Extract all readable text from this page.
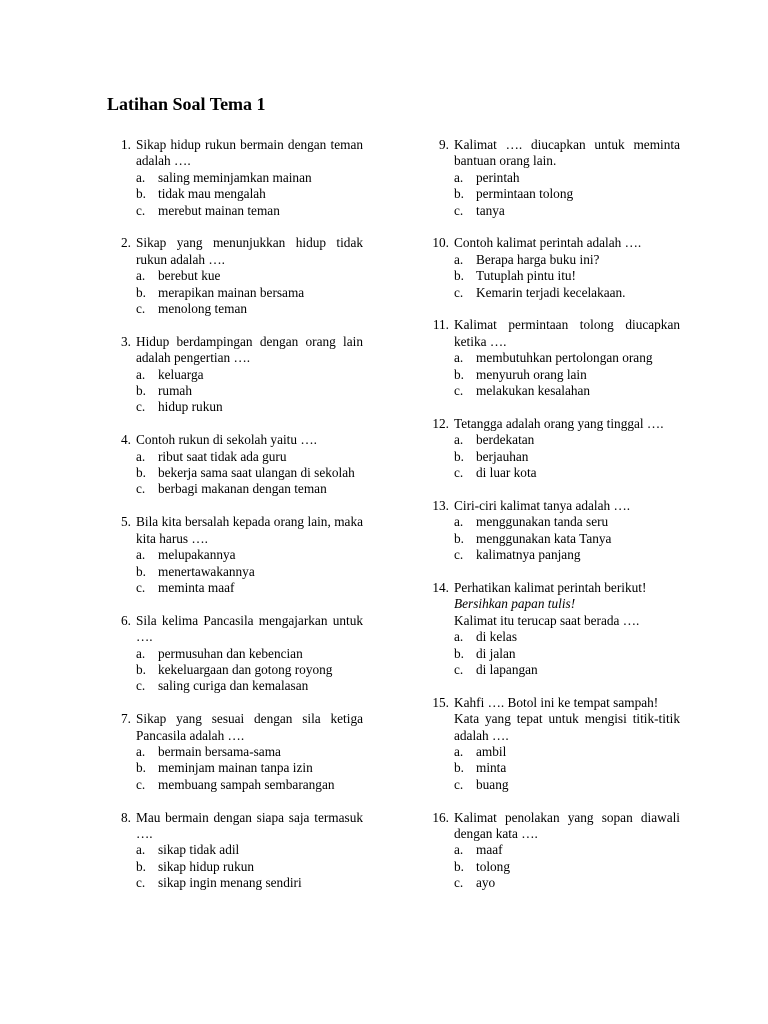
Latihan Soal Tema 1
1. Sikap hidup rukun bermain dengan teman adalah ….
a. saling meminjamkan mainan
b. tidak mau mengalah
c. merebut mainan teman
2. Sikap yang menunjukkan hidup tidak rukun adalah ….
a. berebut kue
b. merapikan mainan bersama
c. menolong teman
3. Hidup berdampingan dengan orang lain adalah pengertian ….
a. keluarga
b. rumah
c. hidup rukun
4. Contoh rukun di sekolah yaitu ….
a. ribut saat tidak ada guru
b. bekerja sama saat ulangan di sekolah
c. berbagi makanan dengan teman
5. Bila kita bersalah kepada orang lain, maka kita harus ….
a. melupakannya
b. menertawakannya
c. meminta maaf
6. Sila kelima Pancasila mengajarkan untuk ….
a. permusuhan dan kebencian
b. kekeluargaan dan gotong royong
c. saling curiga dan kemalasan
7. Sikap yang sesuai dengan sila ketiga Pancasila adalah ….
a. bermain bersama-sama
b. meminjam mainan tanpa izin
c. membuang sampah sembarangan
8. Mau bermain dengan siapa saja termasuk ….
a. sikap tidak adil
b. sikap hidup rukun
c. sikap ingin menang sendiri
9. Kalimat …. diucapkan untuk meminta bantuan orang lain.
a. perintah
b. permintaan tolong
c. tanya
10. Contoh kalimat perintah adalah ….
a. Berapa harga buku ini?
b. Tutuplah pintu itu!
c. Kemarin terjadi kecelakaan.
11. Kalimat permintaan tolong diucapkan ketika ….
a. membutuhkan pertolongan orang
b. menyuruh orang lain
c. melakukan kesalahan
12. Tetangga adalah orang yang tinggal ….
a. berdekatan
b. berjauhan
c. di luar kota
13. Ciri-ciri kalimat tanya adalah ….
a. menggunakan tanda seru
b. menggunakan kata Tanya
c. kalimatnya panjang
14. Perhatikan kalimat perintah berikut!
Bersihkan papan tulis!
Kalimat itu terucap saat berada ….
a. di kelas
b. di jalan
c. di lapangan
15. Kahfi …. Botol ini ke tempat sampah!
Kata yang tepat untuk mengisi titik-titik adalah ….
a. ambil
b. minta
c. buang
16. Kalimat penolakan yang sopan diawali dengan kata ….
a. maaf
b. tolong
c. ayo
